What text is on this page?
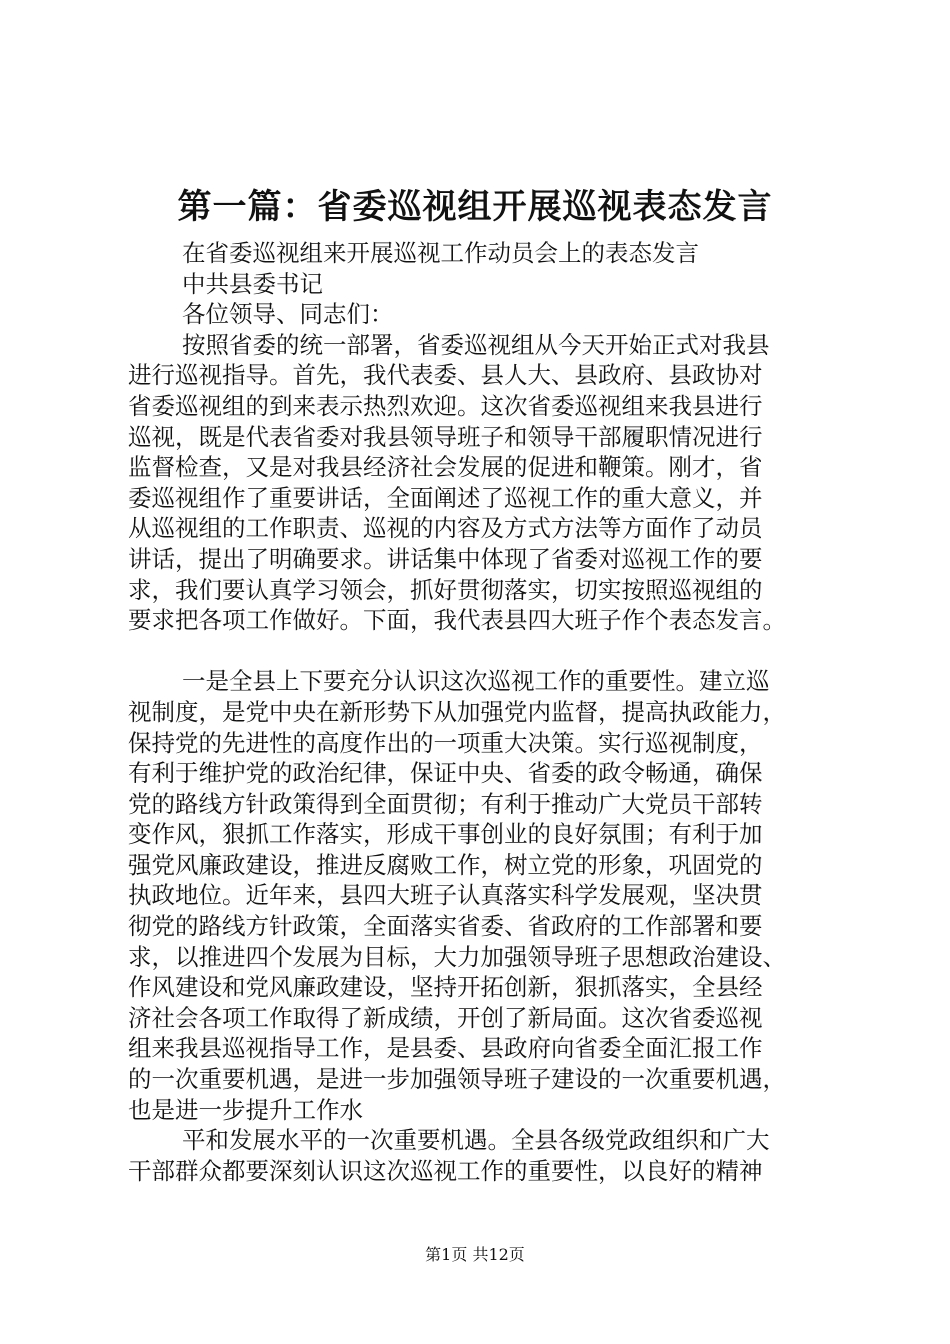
第一篇：省委巡视组开展巡视表态发言
在省委巡视组来开展巡视工作动员会上的表态发言
中共县委书记
各位领导、同志们：
按照省委的统一部署，省委巡视组从今天开始正式对我县
进行巡视指导。首先，我代表委、县人大、县政府、县政协对
省委巡视组的到来表示热烈欢迎。这次省委巡视组来我县进行
巡视，既是代表省委对我县领导班子和领导干部履职情况进行
监督检查，又是对我县经济社会发展的促进和鞭策。刚才，省
委巡视组作了重要讲话，全面阐述了巡视工作的重大意义，并
从巡视组的工作职责、巡视的内容及方式方法等方面作了动员
讲话，提出了明确要求。讲话集中体现了省委对巡视工作的要
求，我们要认真学习领会，抓好贯彻落实，切实按照巡视组的
要求把各项工作做好。下面，我代表县四大班子作个表态发言。
一是全县上下要充分认识这次巡视工作的重要性。建立巡
视制度，是党中央在新形势下从加强党内监督，提高执政能力，
保持党的先进性的高度作出的一项重大决策。实行巡视制度，
有利于维护党的政治纪律，保证中央、省委的政令畅通，确保
党的路线方针政策得到全面贯彻；有利于推动广大党员干部转
变作风，狠抓工作落实，形成干事创业的良好氛围；有利于加
强党风廉政建设，推进反腐败工作，树立党的形象，巩固党的
执政地位。近年来，县四大班子认真落实科学发展观，坚决贯
彻党的路线方针政策，全面落实省委、省政府的工作部署和要
求，以推进四个发展为目标，大力加强领导班子思想政治建设、
作风建设和党风廉政建设，坚持开拓创新，狠抓落实，全县经
济社会各项工作取得了新成绩，开创了新局面。这次省委巡视
组来我县巡视指导工作，是县委、县政府向省委全面汇报工作
的一次重要机遇，是进一步加强领导班子建设的一次重要机遇，
也是进一步提升工作水
平和发展水平的一次重要机遇。全县各级党政组织和广大
干部群众都要深刻认识这次巡视工作的重要性，以良好的精神
第1页 共12页
